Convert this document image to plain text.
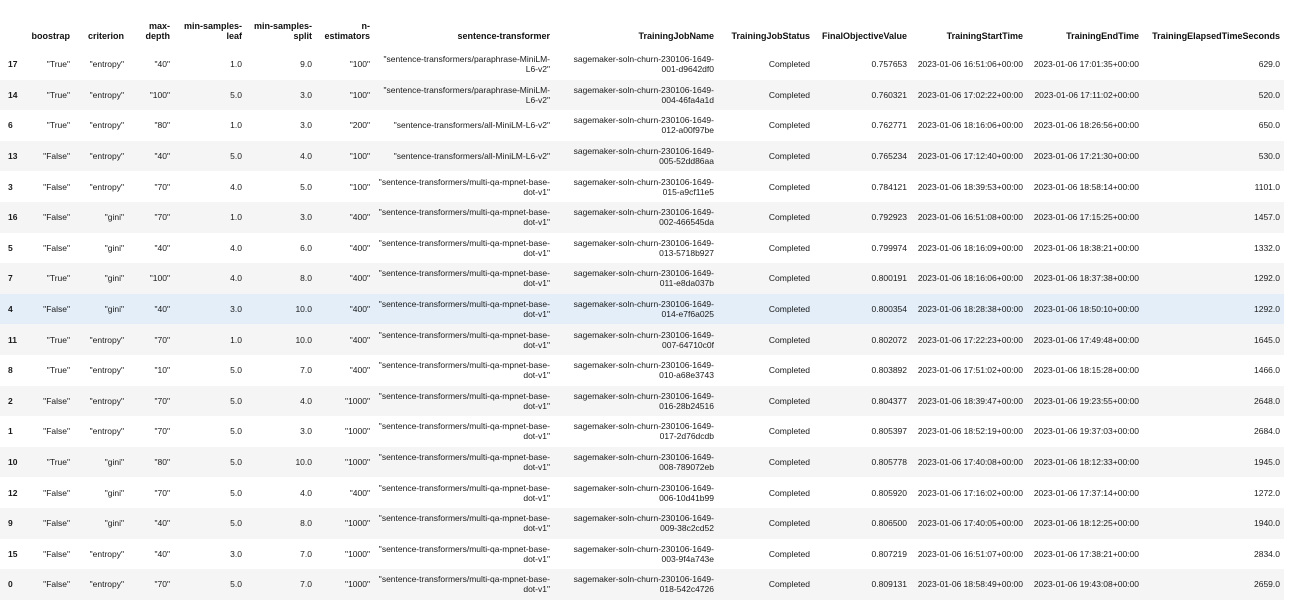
	boostrap	criterion	max-depth	min-samples-leaf	min-samples-split	n-estimators	sentence-transformer	TrainingJobName	TrainingJobStatus	FinalObjectiveValue	TrainingStartTime	TrainingEndTime	TrainingElapsedTimeSeconds
17	"True"	"entropy"	"40"	1.0	9.0	"100"	"sentence-transformers/paraphrase-MiniLM-L6-v2"	sagemaker-soln-churn-230106-1649-001-d9642df0	Completed	0.757653	2023-01-06 16:51:06+00:00	2023-01-06 17:01:35+00:00	629.0
14	"True"	"entropy"	"100"	5.0	3.0	"100"	"sentence-transformers/paraphrase-MiniLM-L6-v2"	sagemaker-soln-churn-230106-1649-004-46fa4a1d	Completed	0.760321	2023-01-06 17:02:22+00:00	2023-01-06 17:11:02+00:00	520.0
6	"True"	"entropy"	"80"	1.0	3.0	"200"	"sentence-transformers/all-MiniLM-L6-v2"	sagemaker-soln-churn-230106-1649-012-a00f97be	Completed	0.762771	2023-01-06 18:16:06+00:00	2023-01-06 18:26:56+00:00	650.0
13	"False"	"entropy"	"40"	5.0	4.0	"100"	"sentence-transformers/all-MiniLM-L6-v2"	sagemaker-soln-churn-230106-1649-005-52dd86aa	Completed	0.765234	2023-01-06 17:12:40+00:00	2023-01-06 17:21:30+00:00	530.0
3	"False"	"entropy"	"70"	4.0	5.0	"100"	"sentence-transformers/multi-qa-mpnet-base-dot-v1"	sagemaker-soln-churn-230106-1649-015-a9cf11e5	Completed	0.784121	2023-01-06 18:39:53+00:00	2023-01-06 18:58:14+00:00	1101.0
16	"False"	"gini"	"70"	1.0	3.0	"400"	"sentence-transformers/multi-qa-mpnet-base-dot-v1"	sagemaker-soln-churn-230106-1649-002-466545da	Completed	0.792923	2023-01-06 16:51:08+00:00	2023-01-06 17:15:25+00:00	1457.0
5	"False"	"gini"	"40"	4.0	6.0	"400"	"sentence-transformers/multi-qa-mpnet-base-dot-v1"	sagemaker-soln-churn-230106-1649-013-5718b927	Completed	0.799974	2023-01-06 18:16:09+00:00	2023-01-06 18:38:21+00:00	1332.0
7	"True"	"gini"	"100"	4.0	8.0	"400"	"sentence-transformers/multi-qa-mpnet-base-dot-v1"	sagemaker-soln-churn-230106-1649-011-e8da037b	Completed	0.800191	2023-01-06 18:16:06+00:00	2023-01-06 18:37:38+00:00	1292.0
4	"False"	"gini"	"40"	3.0	10.0	"400"	"sentence-transformers/multi-qa-mpnet-base-dot-v1"	sagemaker-soln-churn-230106-1649-014-e7f6a025	Completed	0.800354	2023-01-06 18:28:38+00:00	2023-01-06 18:50:10+00:00	1292.0
11	"True"	"entropy"	"70"	1.0	10.0	"400"	"sentence-transformers/multi-qa-mpnet-base-dot-v1"	sagemaker-soln-churn-230106-1649-007-64710c0f	Completed	0.802072	2023-01-06 17:22:23+00:00	2023-01-06 17:49:48+00:00	1645.0
8	"True"	"entropy"	"10"	5.0	7.0	"400"	"sentence-transformers/multi-qa-mpnet-base-dot-v1"	sagemaker-soln-churn-230106-1649-010-a68e3743	Completed	0.803892	2023-01-06 17:51:02+00:00	2023-01-06 18:15:28+00:00	1466.0
2	"False"	"entropy"	"70"	5.0	4.0	"1000"	"sentence-transformers/multi-qa-mpnet-base-dot-v1"	sagemaker-soln-churn-230106-1649-016-28b24516	Completed	0.804377	2023-01-06 18:39:47+00:00	2023-01-06 19:23:55+00:00	2648.0
1	"False"	"entropy"	"70"	5.0	3.0	"1000"	"sentence-transformers/multi-qa-mpnet-base-dot-v1"	sagemaker-soln-churn-230106-1649-017-2d76dcdb	Completed	0.805397	2023-01-06 18:52:19+00:00	2023-01-06 19:37:03+00:00	2684.0
10	"True"	"gini"	"80"	5.0	10.0	"1000"	"sentence-transformers/multi-qa-mpnet-base-dot-v1"	sagemaker-soln-churn-230106-1649-008-789072eb	Completed	0.805778	2023-01-06 17:40:08+00:00	2023-01-06 18:12:33+00:00	1945.0
12	"False"	"gini"	"70"	5.0	4.0	"400"	"sentence-transformers/multi-qa-mpnet-base-dot-v1"	sagemaker-soln-churn-230106-1649-006-10d41b99	Completed	0.805920	2023-01-06 17:16:02+00:00	2023-01-06 17:37:14+00:00	1272.0
9	"False"	"gini"	"40"	5.0	8.0	"1000"	"sentence-transformers/multi-qa-mpnet-base-dot-v1"	sagemaker-soln-churn-230106-1649-009-38c2cd52	Completed	0.806500	2023-01-06 17:40:05+00:00	2023-01-06 18:12:25+00:00	1940.0
15	"False"	"entropy"	"40"	3.0	7.0	"1000"	"sentence-transformers/multi-qa-mpnet-base-dot-v1"	sagemaker-soln-churn-230106-1649-003-9f4a743e	Completed	0.807219	2023-01-06 16:51:07+00:00	2023-01-06 17:38:21+00:00	2834.0
0	"False"	"entropy"	"70"	5.0	7.0	"1000"	"sentence-transformers/multi-qa-mpnet-base-dot-v1"	sagemaker-soln-churn-230106-1649-018-542c4726	Completed	0.809131	2023-01-06 18:58:49+00:00	2023-01-06 19:43:08+00:00	2659.0
